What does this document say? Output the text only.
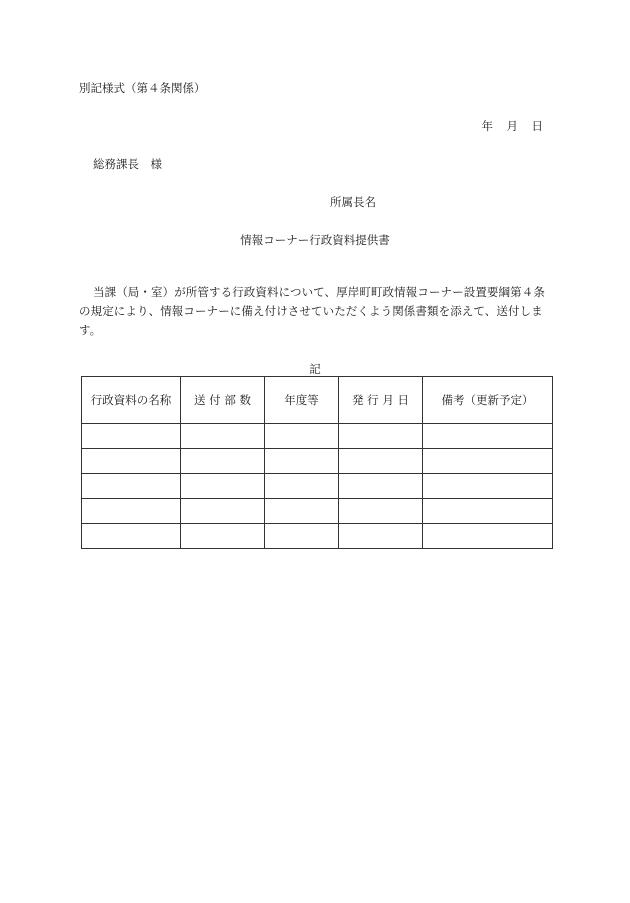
別記様式（第４条関係）
年　月　日
総務課長　様
所属長名
情報コーナー行政資料提供書
当課（局・室）が所管する行政資料について、厚岸町町政情報コーナー設置要綱第４条の規定により、情報コーナーに備え付けさせていただくよう関係書類を添えて、送付します。
記
行政資料の名称	送 付 部 数	年度等	発 行 月 日	備考（更新予定）
